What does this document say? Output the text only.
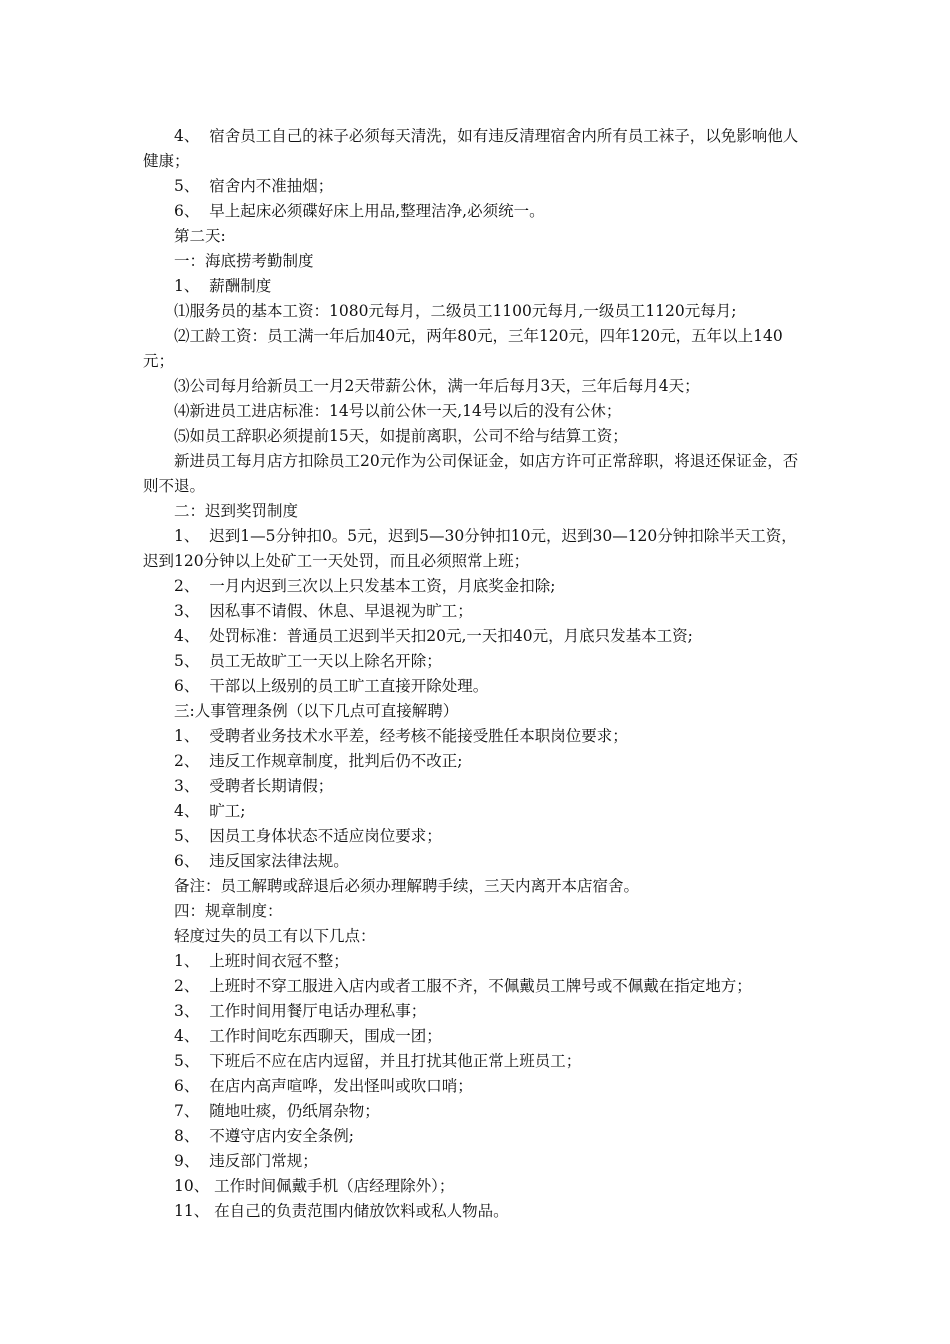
4、  宿舍员工自己的袜子必须每天清洗，如有违反清理宿舍内所有员工袜子，以免影响他人健康；
5、  宿舍内不准抽烟；
6、  早上起床必须碟好床上用品,整理洁净,必须统一。
第二天:
一：海底捞考勤制度
1、  薪酬制度
⑴服务员的基本工资：1080元每月，二级员工1100元每月,一级员工1120元每月;
⑵工龄工资：员工满一年后加40元，两年80元，三年120元，四年120元，五年以上140元；
⑶公司每月给新员工一月2天带薪公休，满一年后每月3天，三年后每月4天；
⑷新进员工进店标准：14号以前公休一天,14号以后的没有公休；
⑸如员工辞职必须提前15天，如提前离职，公司不给与结算工资；
新进员工每月店方扣除员工20元作为公司保证金，如店方许可正常辞职，将退还保证金，否则不退。
二：迟到奖罚制度
1、  迟到1—5分钟扣0。5元，迟到5—30分钟扣10元，迟到30—120分钟扣除半天工资，迟到120分钟以上处矿工一天处罚，而且必须照常上班；
2、  一月内迟到三次以上只发基本工资，月底奖金扣除;
3、  因私事不请假、休息、早退视为旷工；
4、  处罚标准：普通员工迟到半天扣20元,一天扣40元，月底只发基本工资;
5、  员工无故旷工一天以上除名开除；
6、  干部以上级别的员工旷工直接开除处理。
三:人事管理条例（以下几点可直接解聘）
1、  受聘者业务技术水平差，经考核不能接受胜任本职岗位要求；
2、  违反工作规章制度，批判后仍不改正;
3、  受聘者长期请假；
4、  旷工;
5、  因员工身体状态不适应岗位要求；
6、  违反国家法律法规。
备注：员工解聘或辞退后必须办理解聘手续，三天内离开本店宿舍。
四：规章制度：
轻度过失的员工有以下几点：
1、  上班时间衣冠不整；
2、  上班时不穿工服进入店内或者工服不齐，不佩戴员工牌号或不佩戴在指定地方；
3、  工作时间用餐厅电话办理私事；
4、  工作时间吃东西聊天，围成一团；
5、  下班后不应在店内逗留，并且打扰其他正常上班员工；
6、  在店内高声喧哗，发出怪叫或吹口哨；
7、  随地吐痰，仍纸屑杂物；
8、  不遵守店内安全条例;
9、  违反部门常规；
10、 工作时间佩戴手机（店经理除外）；
11、 在自己的负责范围内储放饮料或私人物品。
